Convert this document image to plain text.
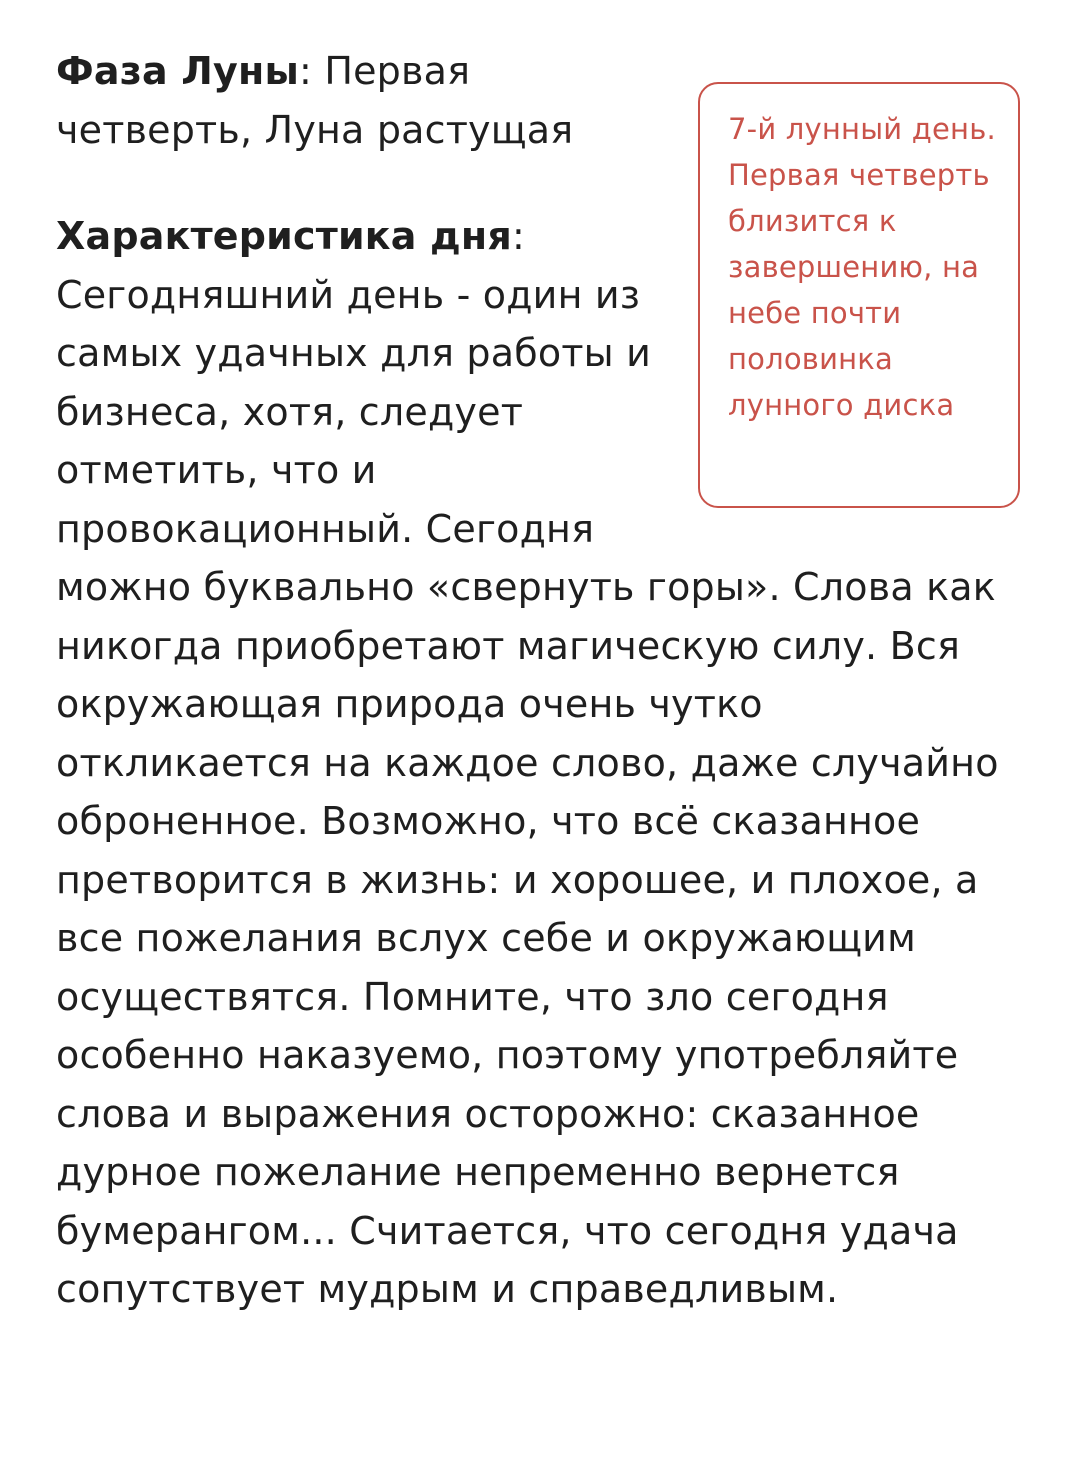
7-й лунный день. Первая четверть близится к завершению, на небе почти половинка лунного диска

Фаза Луны: Первая четверть, Луна растущая

Характеристика дня: Сегодняшний день - один из самых удачных для работы и бизнеса, хотя, следует отметить, что и провокационный. Сегодня можно буквально «свернуть горы». Слова как никогда приобретают магическую силу. Вся окружающая природа очень чутко откликается на каждое слово, даже случайно оброненное. Возможно, что всё сказанное претворится в жизнь: и хорошее, и плохое, а все пожелания вслух себе и окружающим осуществятся. Помните, что зло сегодня особенно наказуемо, поэтому употребляйте слова и выражения осторожно: сказанное дурное пожелание непременно вернется бумерангом... Считается, что сегодня удача сопутствует мудрым и справедливым.
